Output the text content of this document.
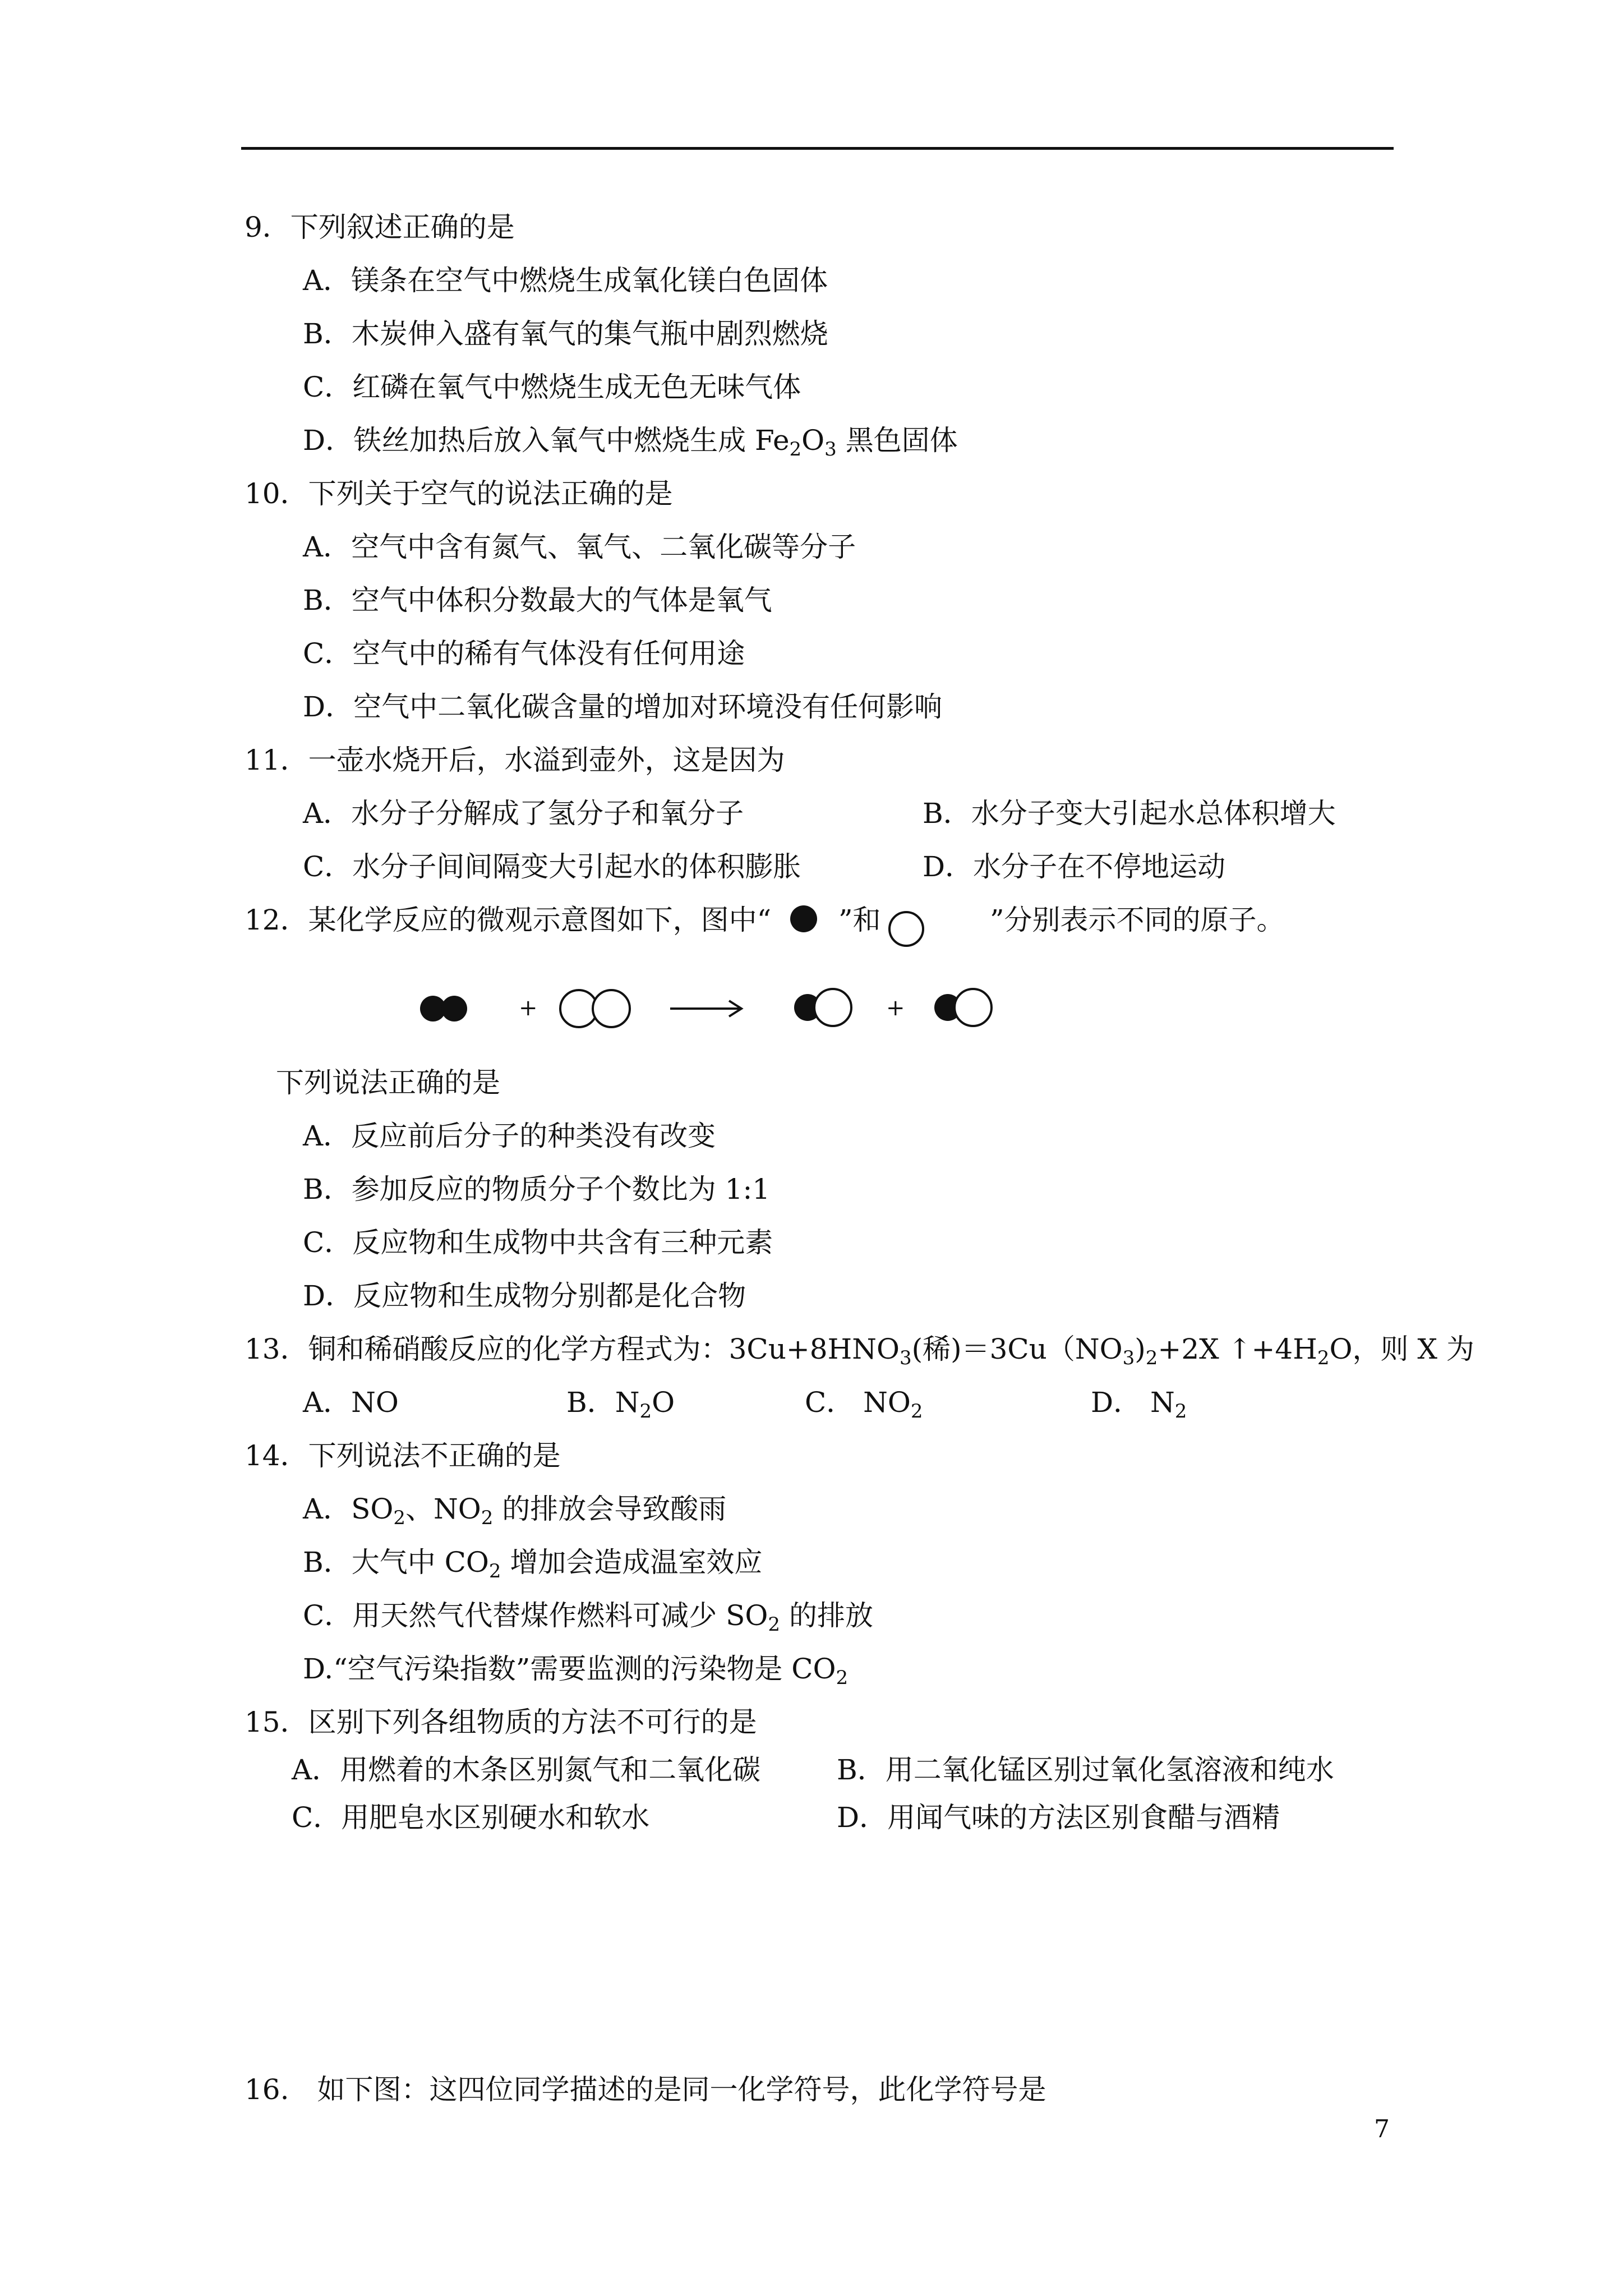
9．下列叙述正确的是
A．镁条在空气中燃烧生成氧化镁白色固体
B．木炭伸入盛有氧气的集气瓶中剧烈燃烧
C．红磷在氧气中燃烧生成无色无味气体
D．铁丝加热后放入氧气中燃烧生成 $Fe_2O_3$ 黑色固体
10．下列关于空气的说法正确的是
A．空气中含有氮气、氧气、二氧化碳等分子
B．空气中体积分数最大的气体是氧气
C．空气中的稀有气体没有任何用途
D．空气中二氧化碳含量的增加对环境没有任何影响
11．一壶水烧开后，水溢到壶外，这是因为
A．水分子分解成了氢分子和氧分子	B．水分子变大引起水总体积增大
C．水分子间间隔变大引起水的体积膨胀	D．水分子在不停地运动
12．某化学反应的微观示意图如下，图中“ ”和	”分别表示不同的原子。
+	+
下列说法正确的是
A．反应前后分子的种类没有改变
B．参加反应的物质分子个数比为 1:1
C．反应物和生成物中共含有三种元素
D．反应物和生成物分别都是化合物
13．铜和稀硝酸反应的化学方程式为：$3Cu+8HNO_3$(稀)$=3Cu(NO_3)_2+2X$ $↑+4H_2O$，则 X 为
A．NO	B．$N_2O$	C． $NO_2$	D． $N_2$
14．下列说法不正确的是
A．$SO_2$、$NO_2$ 的排放会导致酸雨
B．大气中 $CO_2$ 增加会造成温室效应
C．用天然气代替煤作燃料可减少 $SO_2$ 的排放
D.“空气污染指数”需要监测的污染物是 $CO_2$
15．区别下列各组物质的方法不可行的是
A．用燃着的木条区别氮气和二氧化碳	B．用二氧化锰区别过氧化氢溶液和纯水
C．用肥皂水区别硬水和软水	D．用闻气味的方法区别食醋与酒精
16.　如下图：这四位同学描述的是同一化学符号，此化学符号是
7
